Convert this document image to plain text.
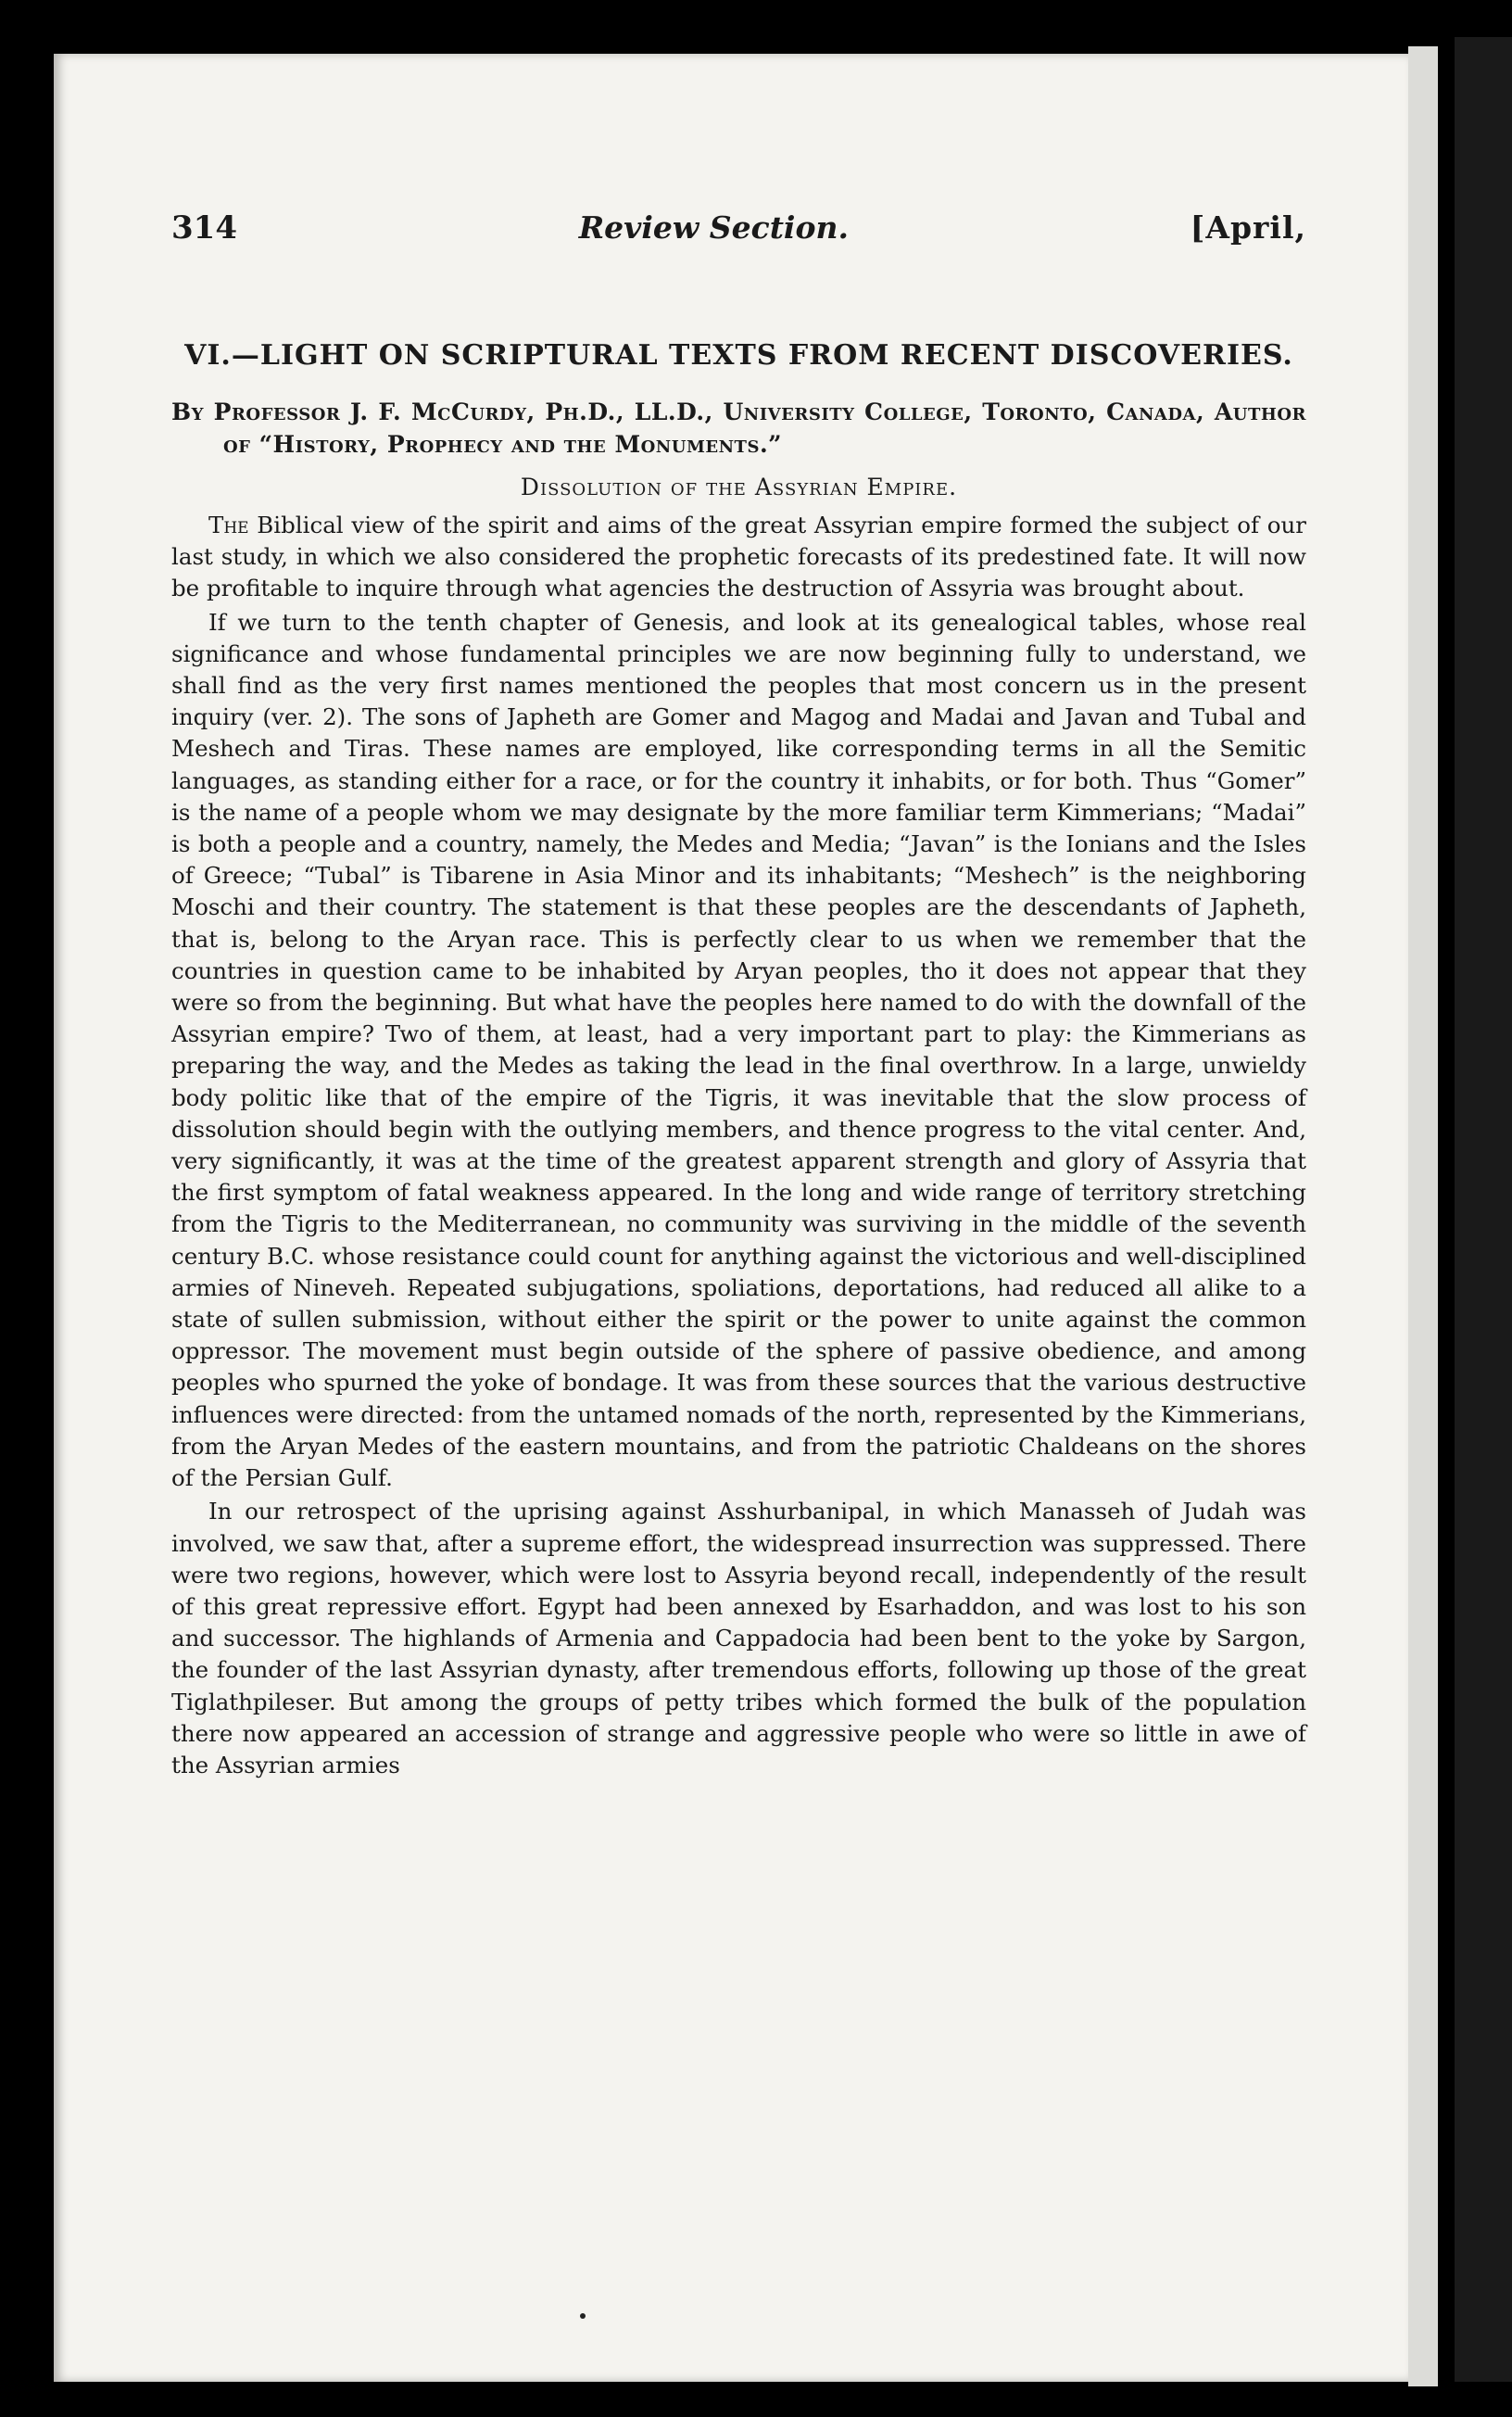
314	Review Section.	[April,
VI.—LIGHT ON SCRIPTURAL TEXTS FROM RECENT DISCOVERIES.
By Professor J. F. McCurdy, Ph.D., LL.D., University College, Toronto, Canada, Author of “History, Prophecy and the Monuments.”
Dissolution of the Assyrian Empire.

The Biblical view of the spirit and aims of the great Assyrian empire formed the subject of our last study, in which we also considered the prophetic forecasts of its predestined fate. It will now be profitable to inquire through what agencies the destruction of Assyria was brought about.

If we turn to the tenth chapter of Genesis, and look at its genealogical tables, whose real significance and whose fundamental principles we are now beginning fully to understand, we shall find as the very first names mentioned the peoples that most concern us in the present inquiry (ver. 2). The sons of Japheth are Gomer and Magog and Madai and Javan and Tubal and Meshech and Tiras. These names are employed, like corresponding terms in all the Semitic languages, as standing either for a race, or for the country it inhabits, or for both. Thus “Gomer” is the name of a people whom we may designate by the more familiar term Kimmerians; “Madai” is both a people and a country, namely, the Medes and Media; “Javan” is the Ionians and the Isles of Greece; “Tubal” is Tibarene in Asia Minor and its inhabitants; “Meshech” is the neighboring Moschi and their country. The statement is that these peoples are the descendants of Japheth, that is, belong to the Aryan race. This is perfectly clear to us when we remember that the countries in question came to be inhabited by Aryan peoples, tho it does not appear that they were so from the beginning. But what have the peoples here named to do with the downfall of the Assyrian empire? Two of them, at least, had a very important part to play: the Kimmerians as preparing the way, and the Medes as taking the lead in the final overthrow. In a large, unwieldy body politic like that of the empire of the Tigris, it was inevitable that the slow process of dissolution should begin with the outlying members, and thence progress to the vital center. And, very significantly, it was at the time of the greatest apparent strength and glory of Assyria that the first symptom of fatal weakness appeared. In the long and wide range of territory stretching from the Tigris to the Mediterranean, no community was surviving in the middle of the seventh century B.C. whose resistance could count for anything against the victorious and well-disciplined armies of Nineveh. Repeated subjugations, spoliations, deportations, had reduced all alike to a state of sullen submission, without either the spirit or the power to unite against the common oppressor. The movement must begin outside of the sphere of passive obedience, and among peoples who spurned the yoke of bondage. It was from these sources that the various destructive influences were directed: from the untamed nomads of the north, represented by the Kimmerians, from the Aryan Medes of the eastern mountains, and from the patriotic Chaldeans on the shores of the Persian Gulf.

In our retrospect of the uprising against Asshurbanipal, in which Manasseh of Judah was involved, we saw that, after a supreme effort, the widespread insurrection was suppressed. There were two regions, however, which were lost to Assyria beyond recall, independently of the result of this great repressive effort. Egypt had been annexed by Esarhaddon, and was lost to his son and successor. The highlands of Armenia and Cappadocia had been bent to the yoke by Sargon, the founder of the last Assyrian dynasty, after tremendous efforts, following up those of the great Tiglathpileser. But among the groups of petty tribes which formed the bulk of the population there now appeared an accession of strange and aggressive people who were so little in awe of the Assyrian armies
